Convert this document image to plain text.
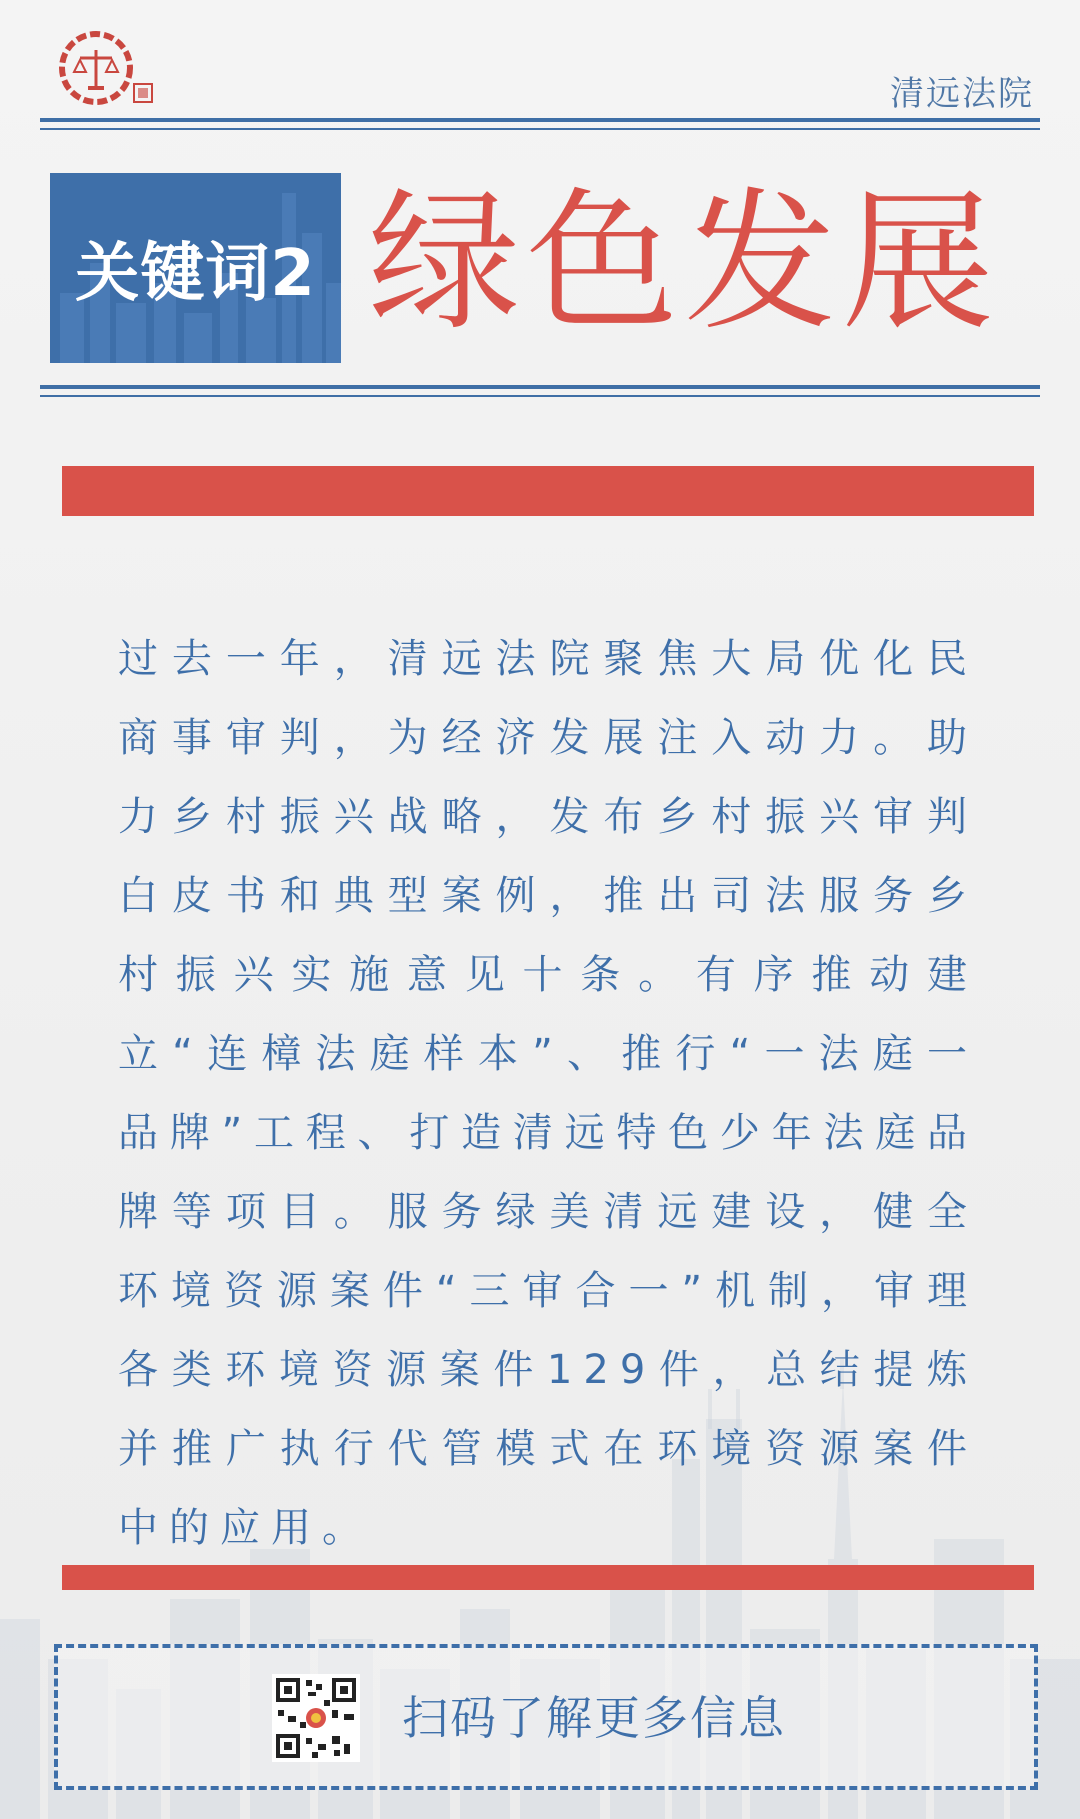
清远法院
关键词2 绿色发展
过去一年，清远法院聚焦大局优化民商事审判，为经济发展注入动力。助力乡村振兴战略，发布乡村振兴审判白皮书和典型案例，推出司法服务乡村振兴实施意见十条。有序推动建立“连樟法庭样本”、推行“一法庭一品牌”工程、打造清远特色少年法庭品牌等项目。服务绿美清远建设，健全环境资源案件“三审合一”机制，审理各类环境资源案件129件，总结提炼并推广执行代管模式在环境资源案件中的应用。
扫码了解更多信息
